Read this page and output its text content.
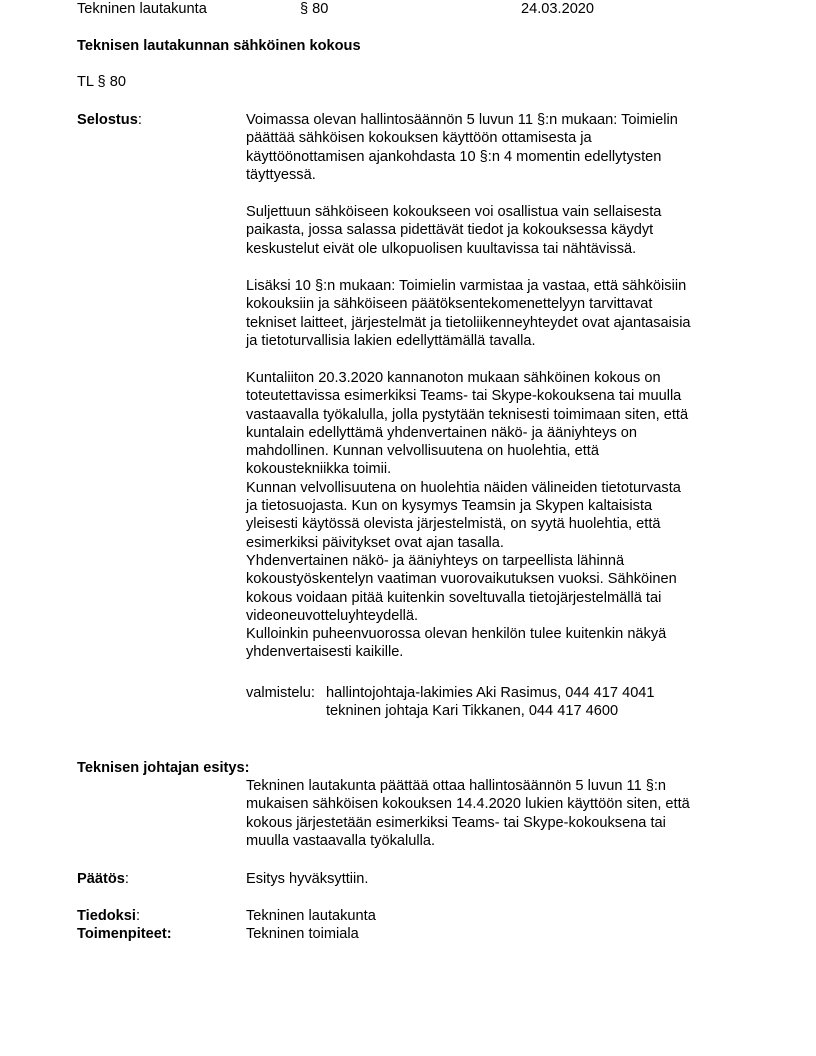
Tekninen lautakunta	§ 80	24.03.2020
Teknisen lautakunnan sähköinen kokous
TL § 80
Selostus:	Voimassa olevan hallintosäännön 5 luvun 11 §:n mukaan: Toimielin

päättää sähköisen kokouksen käyttöön ottamisesta ja

käyttöönottamisen ajankohdasta 10 §:n 4 momentin edellytysten

täyttyessä.

Suljettuun sähköiseen kokoukseen voi osallistua vain sellaisesta

paikasta, jossa salassa pidettävät tiedot ja kokouksessa käydyt

keskustelut eivät ole ulkopuolisen kuultavissa tai nähtävissä.

Lisäksi 10 §:n mukaan: Toimielin varmistaa ja vastaa, että sähköisiin

kokouksiin ja sähköiseen päätöksentekomenettelyyn tarvittavat

tekniset laitteet, järjestelmät ja tietoliikenneyhteydet ovat ajantasaisia

ja tietoturvallisia lakien edellyttämällä tavalla.

Kuntaliiton 20.3.2020 kannanoton mukaan sähköinen kokous on

toteutettavissa esimerkiksi Teams- tai Skype-kokouksena tai muulla

vastaavalla työkalulla, jolla pystytään teknisesti toimimaan siten, että

kuntalain edellyttämä yhdenvertainen näkö- ja ääniyhteys on

mahdollinen. Kunnan velvollisuutena on huolehtia, että

kokoustekniikka toimii.

Kunnan velvollisuutena on huolehtia näiden välineiden tietoturvasta

ja tietosuojasta. Kun on kysymys Teamsin ja Skypen kaltaisista

yleisesti käytössä olevista järjestelmistä, on syytä huolehtia, että

esimerkiksi päivitykset ovat ajan tasalla.

Yhdenvertainen näkö- ja ääniyhteys on tarpeellista lähinnä

kokoustyöskentelyn vaatiman vuorovaikutuksen vuoksi. Sähköinen

kokous voidaan pitää kuitenkin soveltuvalla tietojärjestelmällä tai

videoneuvotteluyhteydellä.

Kulloinkin puheenvuorossa olevan henkilön tulee kuitenkin näkyä

yhdenvertaisesti kaikille.

valmistelu: hallintojohtaja-lakimies Aki Rasimus, 044 417 4041
tekninen johtaja Kari Tikkanen, 044 417 4600
Teknisen johtajan esitys:

Tekninen lautakunta päättää ottaa hallintosäännön 5 luvun 11 §:n

mukaisen sähköisen kokouksen 14.4.2020 lukien käyttöön siten, että

kokous järjestetään esimerkiksi Teams- tai Skype-kokouksena tai

muulla vastaavalla työkalulla.

Päätös:	Esitys hyväksyttiin.
Tiedoksi:	Tekninen lautakunta
Toimenpiteet:	Tekninen toimiala
